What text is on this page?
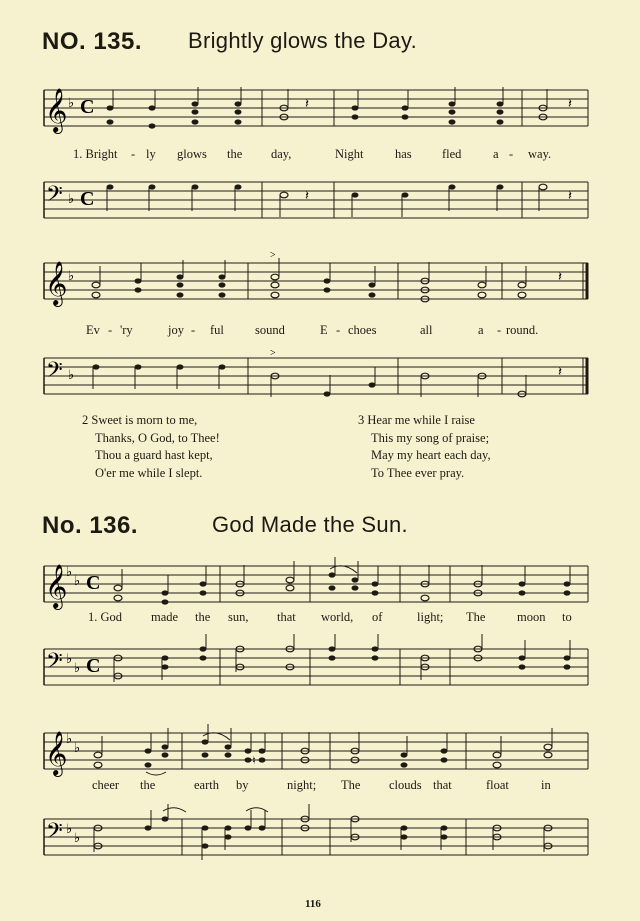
NO. 135. Brightly glows the Day.
𝄞 ♭ C	𝄽	𝄽
1. Bright - ly glows the day,	Night	has fled	a - way.
𝄢 ♭ C	𝄽	𝄽
𝄞 ♭
>
𝄽
Ev - 'ry	joy - ful sound	E - choes	all	a - round.
𝄢 ♭
>
𝄽
2 Sweet is morn to me,
Thanks, O God, to Thee!
Thou a guard hast kept,
O'er me while I slept.
3 Hear me while I raise
This my song of praise;
May my heart each day,
To Thee ever pray.
No. 136.	God Made the Sun.
𝄞
♭
♭ C
1. God made the sun, that world, of	light; The	moon to
𝄢 ♭
♭ C
𝄞
♭
♭
♮
cheer the	earth by	night; The clouds that	float	in
𝄢 ♭
♭
116
